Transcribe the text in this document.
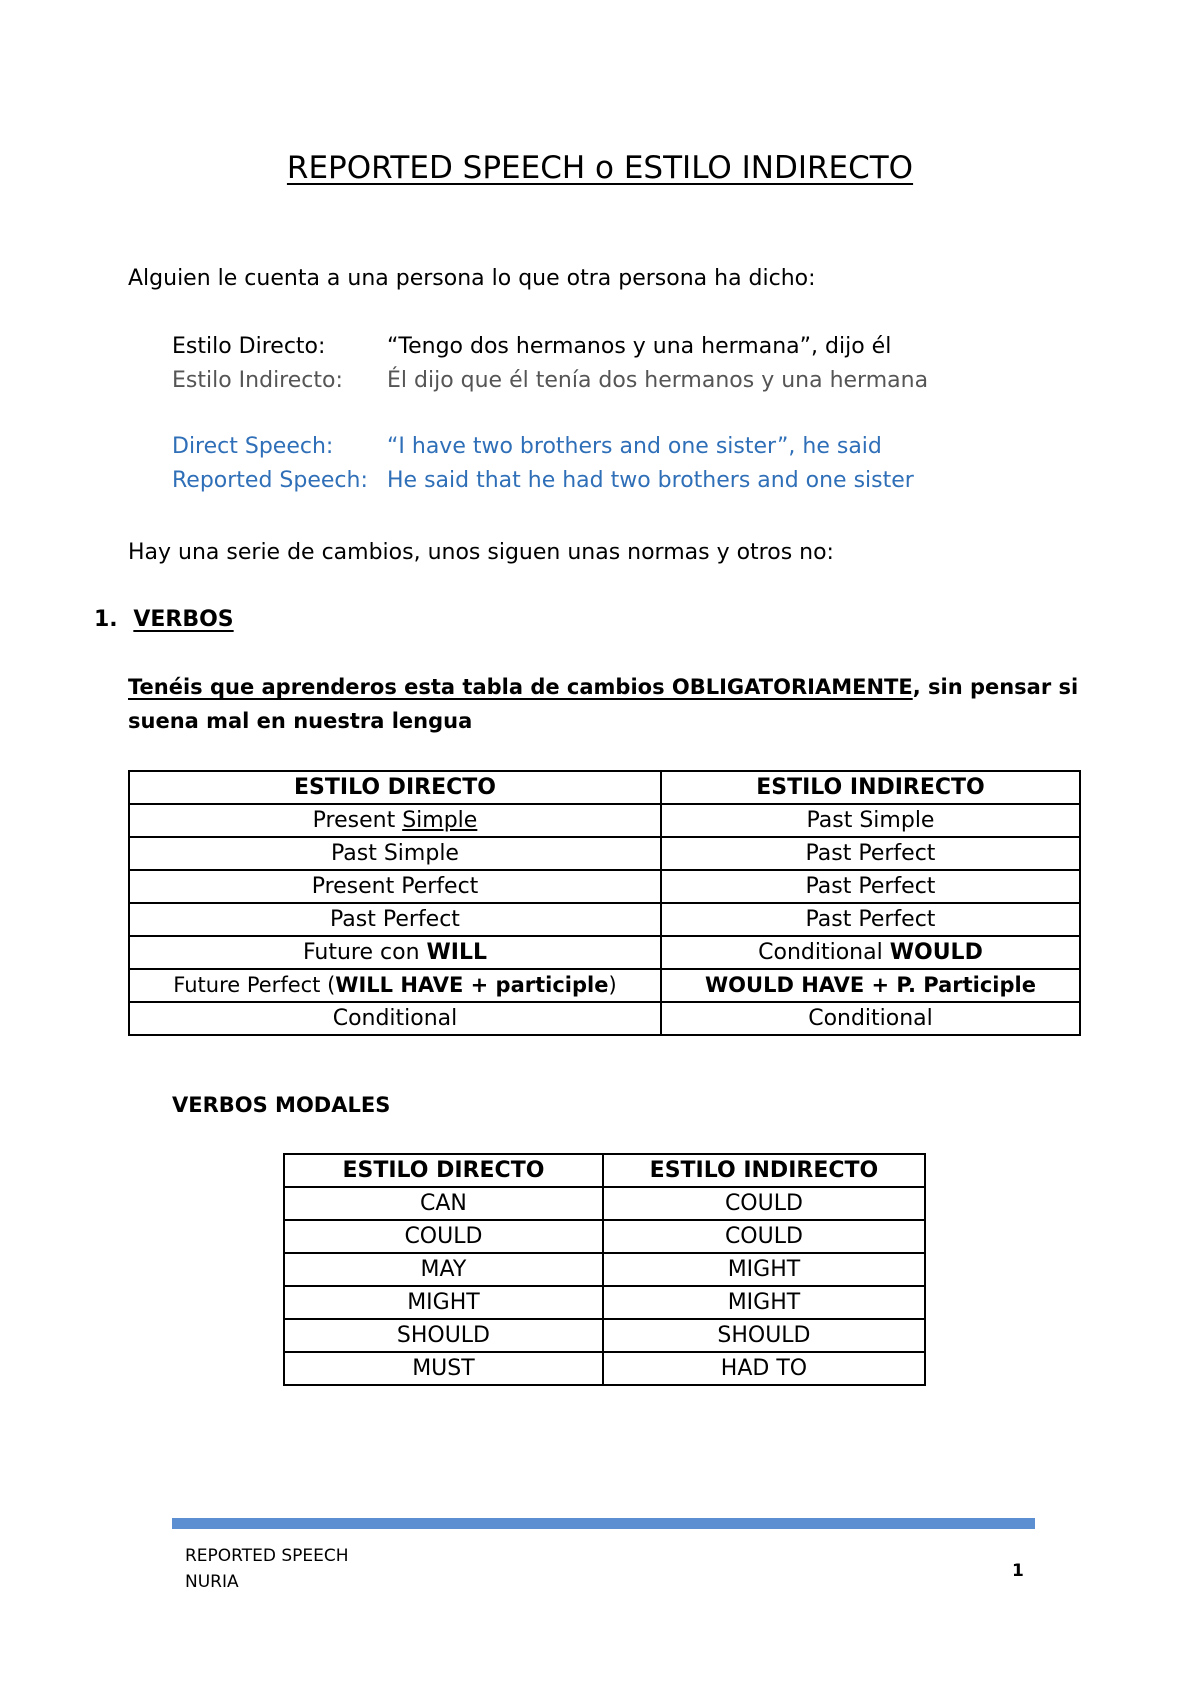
REPORTED SPEECH o ESTILO INDIRECTO
Alguien le cuenta a una persona lo que otra persona ha dicho:
Estilo Directo:	“Tengo dos hermanos y una hermana”, dijo él
Estilo Indirecto: Él dijo que él tenía dos hermanos y una hermana
Direct Speech: “I have two brothers and one sister”, he said
Reported Speech: He said that he had two brothers and one sister
Hay una serie de cambios, unos siguen unas normas y otros no:
1. VERBOS
Tenéis que aprenderos esta tabla de cambios OBLIGATORIAMENTE, sin pensar si
suena mal en nuestra lengua
ESTILO DIRECTO	ESTILO INDIRECTO
Present Simple	Past Simple
Past Simple	Past Perfect
Present Perfect	Past Perfect
Past Perfect	Past Perfect
Future con WILL	Conditional WOULD
Future Perfect (WILL HAVE + participle)	WOULD HAVE + P. Participle
Conditional	Conditional
VERBOS MODALES
ESTILO DIRECTO	ESTILO INDIRECTO
CAN	COULD
COULD	COULD
MAY	MIGHT
MIGHT	MIGHT
SHOULD	SHOULD
MUST	HAD TO
REPORTED SPEECH
NURIA
1
